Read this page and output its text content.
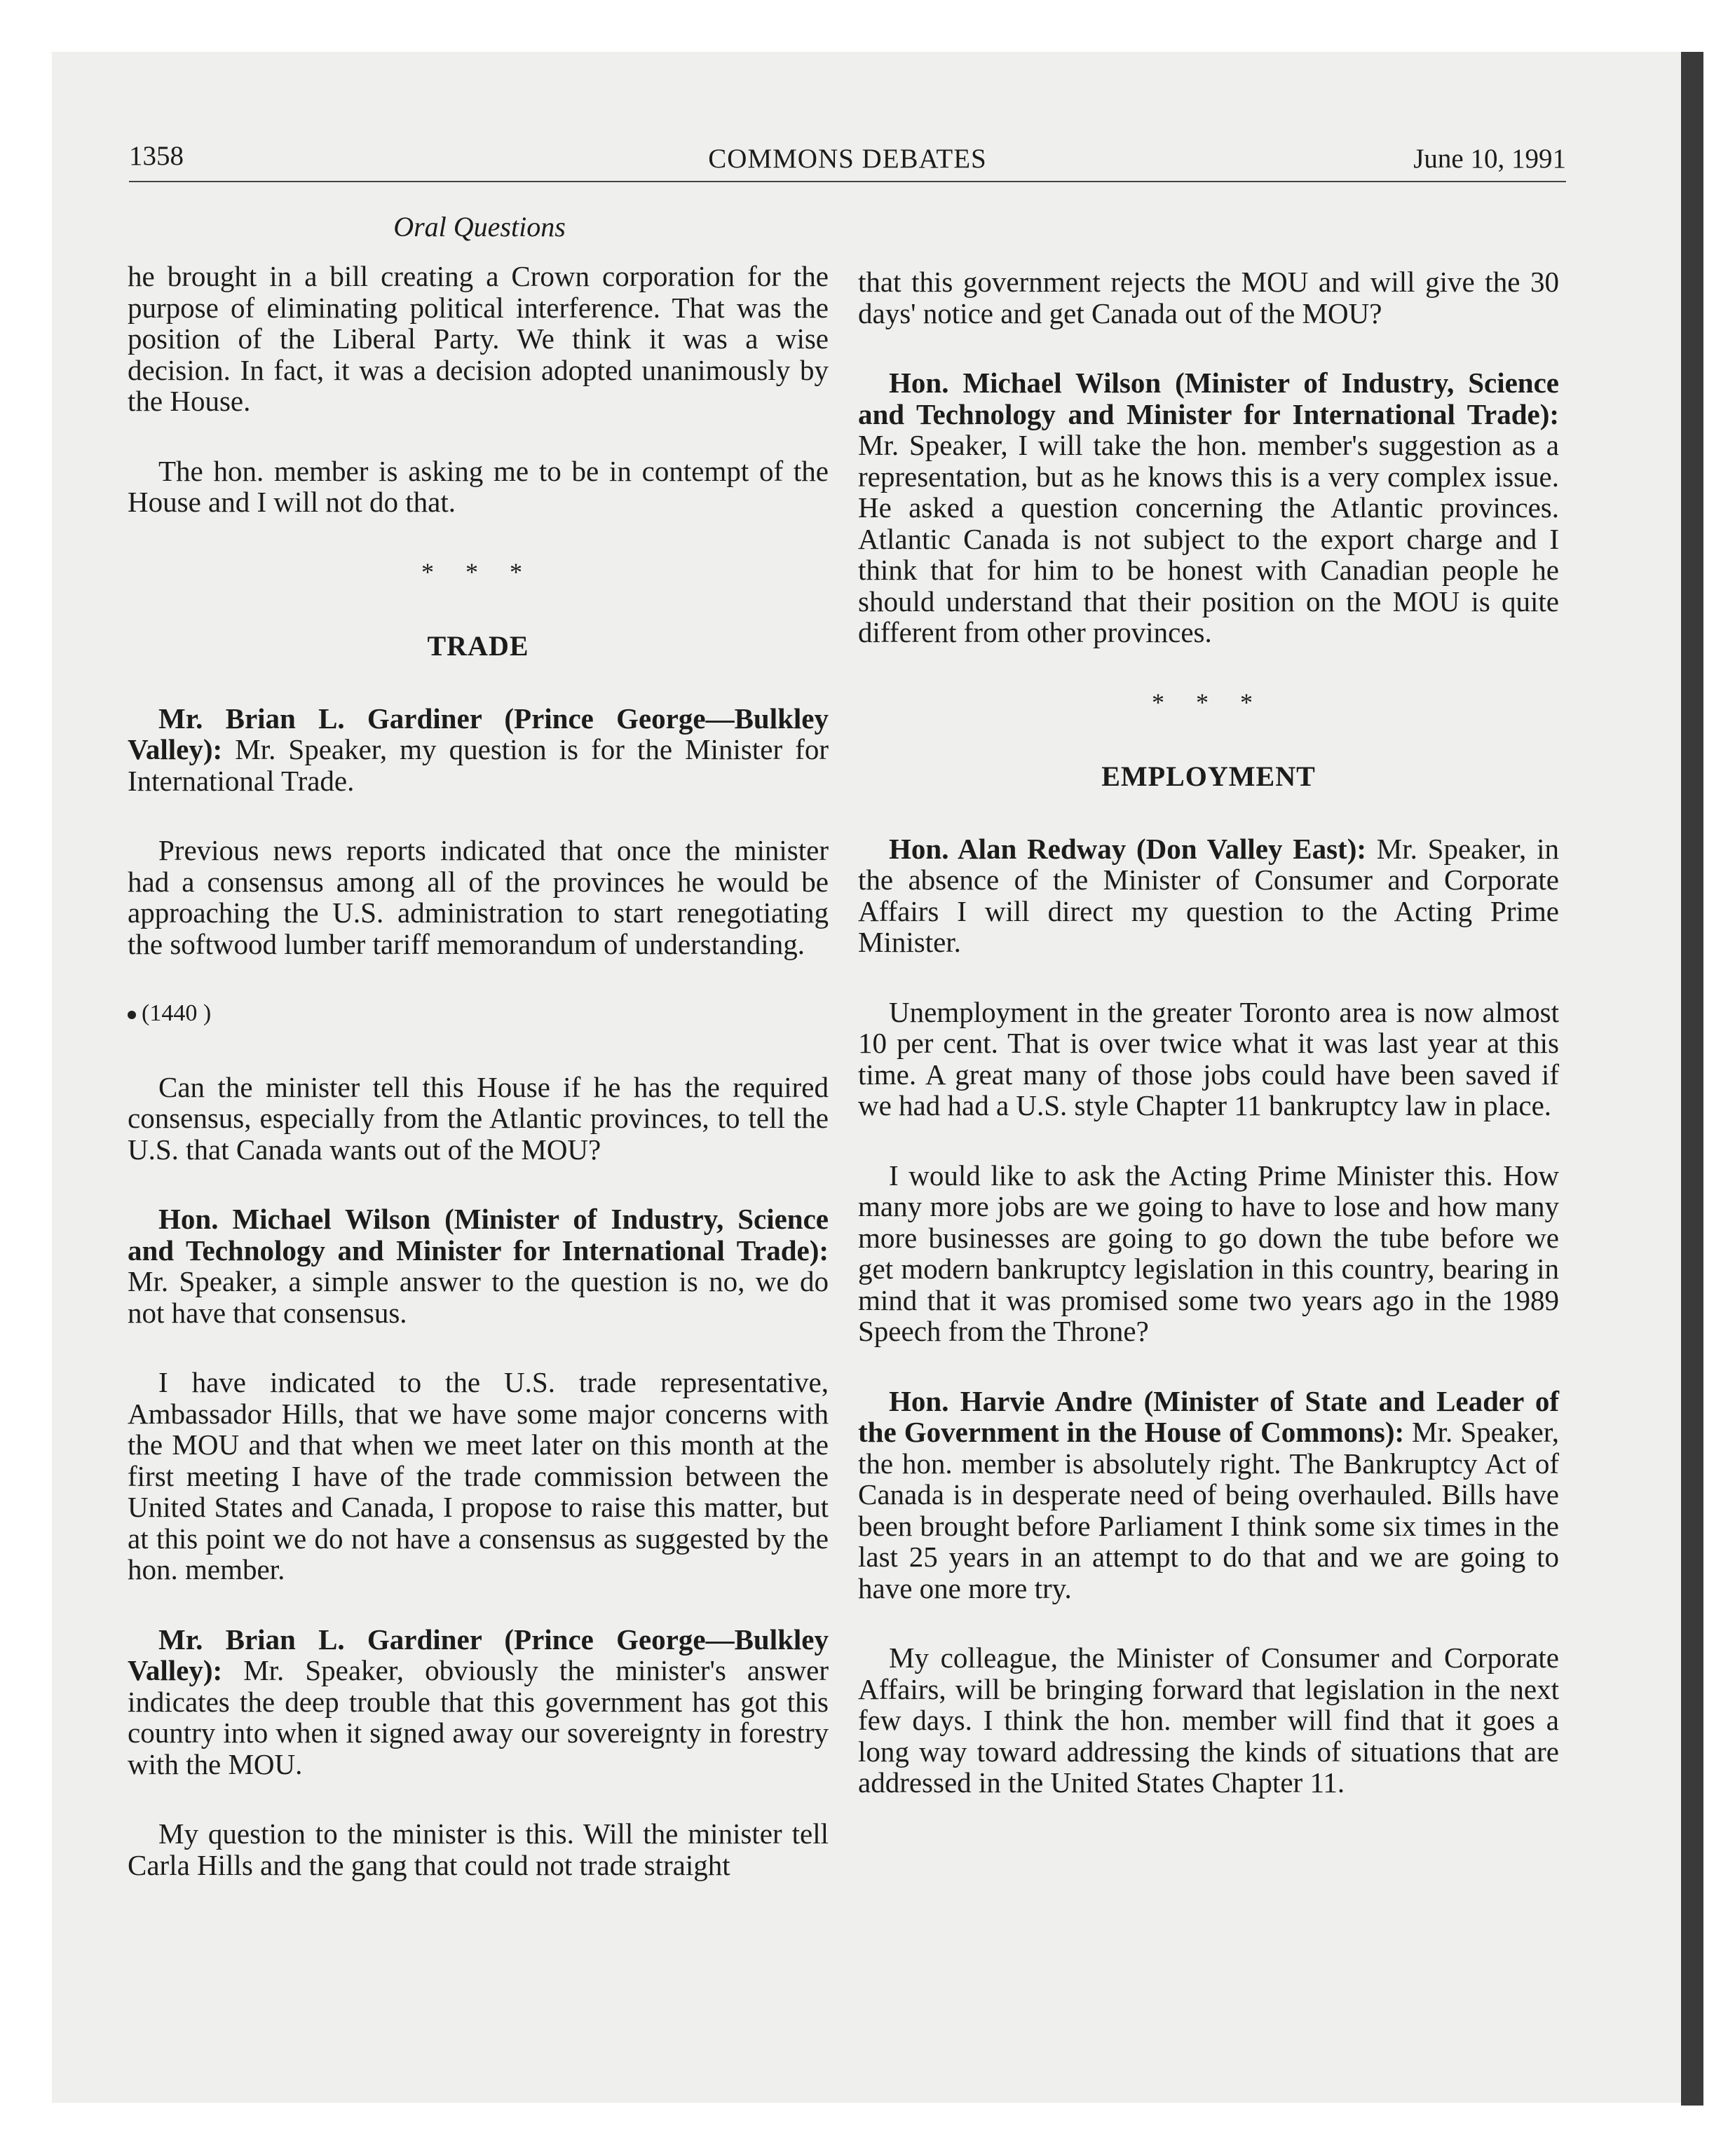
1358	COMMONS DEBATES	June 10, 1991
Oral Questions

he brought in a bill creating a Crown corporation for the purpose of eliminating political interference. That was the position of the Liberal Party. We think it was a wise decision. In fact, it was a decision adopted unanimously by the House.

The hon. member is asking me to be in contempt of the House and I will not do that.

* * *
TRADE

Mr. Brian L. Gardiner (Prince George—Bulkley Valley): Mr. Speaker, my question is for the Minister for International Trade.

Previous news reports indicated that once the minister had a consensus among all of the provinces he would be approaching the U.S. administration to start renegotiating the softwood lumber tariff memorandum of understanding.

(1440 )

Can the minister tell this House if he has the required consensus, especially from the Atlantic provinces, to tell the U.S. that Canada wants out of the MOU?

Hon. Michael Wilson (Minister of Industry, Science and Technology and Minister for International Trade): Mr. Speaker, a simple answer to the question is no, we do not have that consensus.

I have indicated to the U.S. trade representative, Ambassador Hills, that we have some major concerns with the MOU and that when we meet later on this month at the first meeting I have of the trade commission between the United States and Canada, I propose to raise this matter, but at this point we do not have a consensus as suggested by the hon. member.

Mr. Brian L. Gardiner (Prince George—Bulkley Valley): Mr. Speaker, obviously the minister's answer indicates the deep trouble that this government has got this country into when it signed away our sovereignty in forestry with the MOU.

My question to the minister is this. Will the minister tell Carla Hills and the gang that could not trade straight

that this government rejects the MOU and will give the 30 days' notice and get Canada out of the MOU?

Hon. Michael Wilson (Minister of Industry, Science and Technology and Minister for International Trade): Mr. Speaker, I will take the hon. member's suggestion as a representation, but as he knows this is a very complex issue. He asked a question concerning the Atlantic provinces. Atlantic Canada is not subject to the export charge and I think that for him to be honest with Canadian people he should understand that their position on the MOU is quite different from other provinces.

* * *
EMPLOYMENT

Hon. Alan Redway (Don Valley East): Mr. Speaker, in the absence of the Minister of Consumer and Corporate Affairs I will direct my question to the Acting Prime Minister.

Unemployment in the greater Toronto area is now almost 10 per cent. That is over twice what it was last year at this time. A great many of those jobs could have been saved if we had had a U.S. style Chapter 11 bankruptcy law in place.

I would like to ask the Acting Prime Minister this. How many more jobs are we going to have to lose and how many more businesses are going to go down the tube before we get modern bankruptcy legislation in this country, bearing in mind that it was promised some two years ago in the 1989 Speech from the Throne?

Hon. Harvie Andre (Minister of State and Leader of the Government in the House of Commons): Mr. Speaker, the hon. member is absolutely right. The Bankruptcy Act of Canada is in desperate need of being overhauled. Bills have been brought before Parliament I think some six times in the last 25 years in an attempt to do that and we are going to have one more try.

My colleague, the Minister of Consumer and Corporate Affairs, will be bringing forward that legislation in the next few days. I think the hon. member will find that it goes a long way toward addressing the kinds of situations that are addressed in the United States Chapter 11.
